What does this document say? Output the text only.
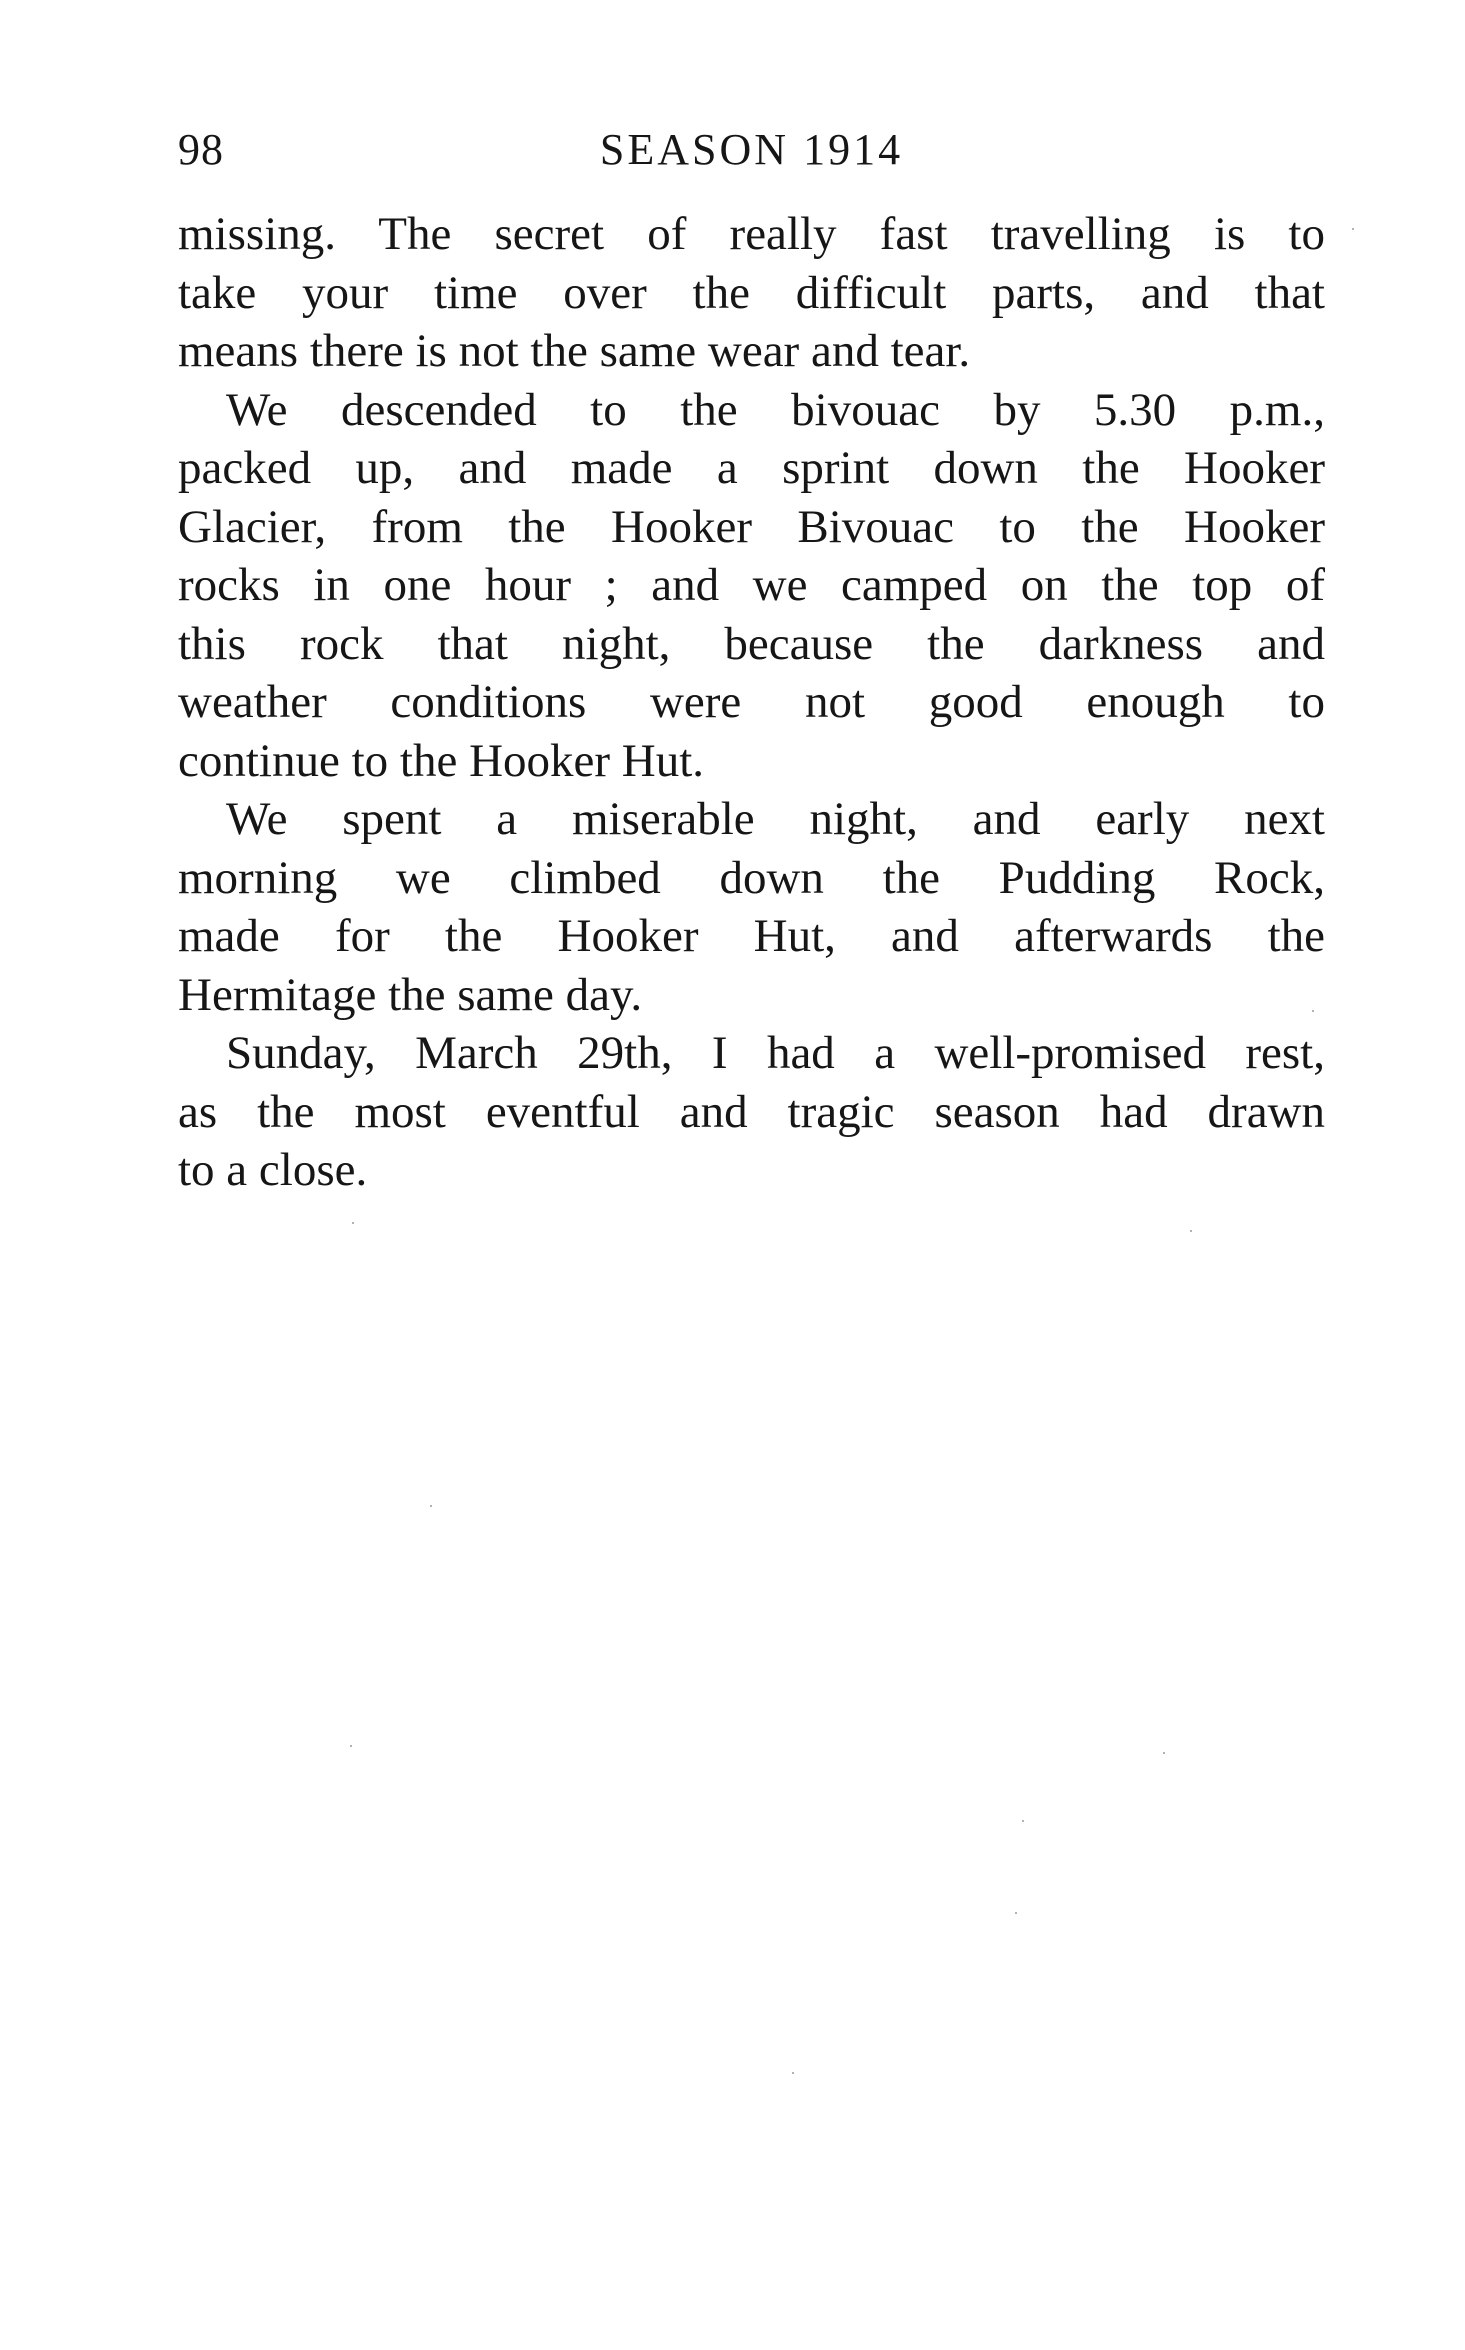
98	SEASON 1914
missing. The secret of really fast travelling is to
take your time over the difficult parts, and that
means there is not the same wear and tear.
We descended to the bivouac by 5.30 p.m.,
packed up, and made a sprint down the Hooker
Glacier, from the Hooker Bivouac to the Hooker
rocks in one hour ; and we camped on the top of
this rock that night, because the darkness and
weather conditions were not good enough to
continue to the Hooker Hut.
We spent a miserable night, and early next
morning we climbed down the Pudding Rock,
made for the Hooker Hut, and afterwards the
Hermitage the same day.
Sunday, March 29th, I had a well-promised rest,
as the most eventful and tragic season had drawn
to a close.
